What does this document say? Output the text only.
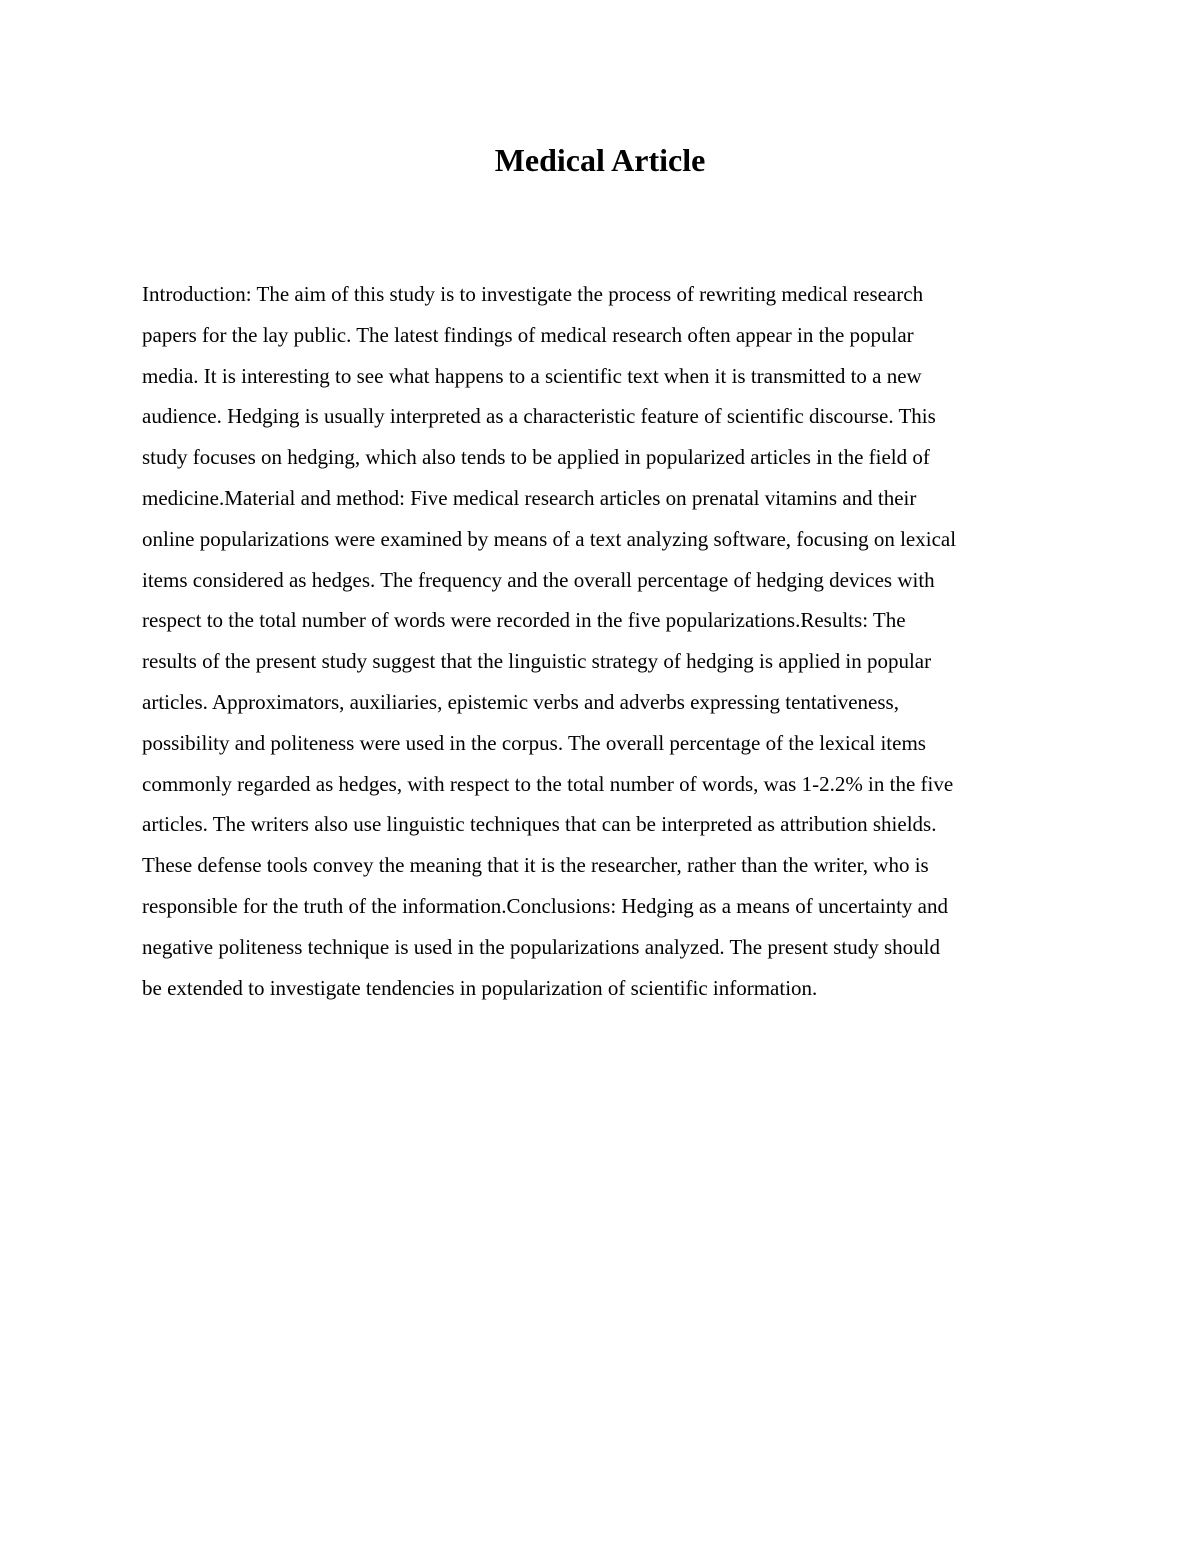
Medical Article
Introduction: The aim of this study is to investigate the process of rewriting medical research
papers for the lay public. The latest findings of medical research often appear in the popular
media. It is interesting to see what happens to a scientific text when it is transmitted to a new
audience. Hedging is usually interpreted as a characteristic feature of scientific discourse. This
study focuses on hedging, which also tends to be applied in popularized articles in the field of
medicine.Material and method: Five medical research articles on prenatal vitamins and their
online popularizations were examined by means of a text analyzing software, focusing on lexical
items considered as hedges. The frequency and the overall percentage of hedging devices with
respect to the total number of words were recorded in the five popularizations.Results: The
results of the present study suggest that the linguistic strategy of hedging is applied in popular
articles. Approximators, auxiliaries, epistemic verbs and adverbs expressing tentativeness,
possibility and politeness were used in the corpus. The overall percentage of the lexical items
commonly regarded as hedges, with respect to the total number of words, was 1-2.2% in the five
articles. The writers also use linguistic techniques that can be interpreted as attribution shields.
These defense tools convey the meaning that it is the researcher, rather than the writer, who is
responsible for the truth of the information.Conclusions: Hedging as a means of uncertainty and
negative politeness technique is used in the popularizations analyzed. The present study should
be extended to investigate tendencies in popularization of scientific information.
